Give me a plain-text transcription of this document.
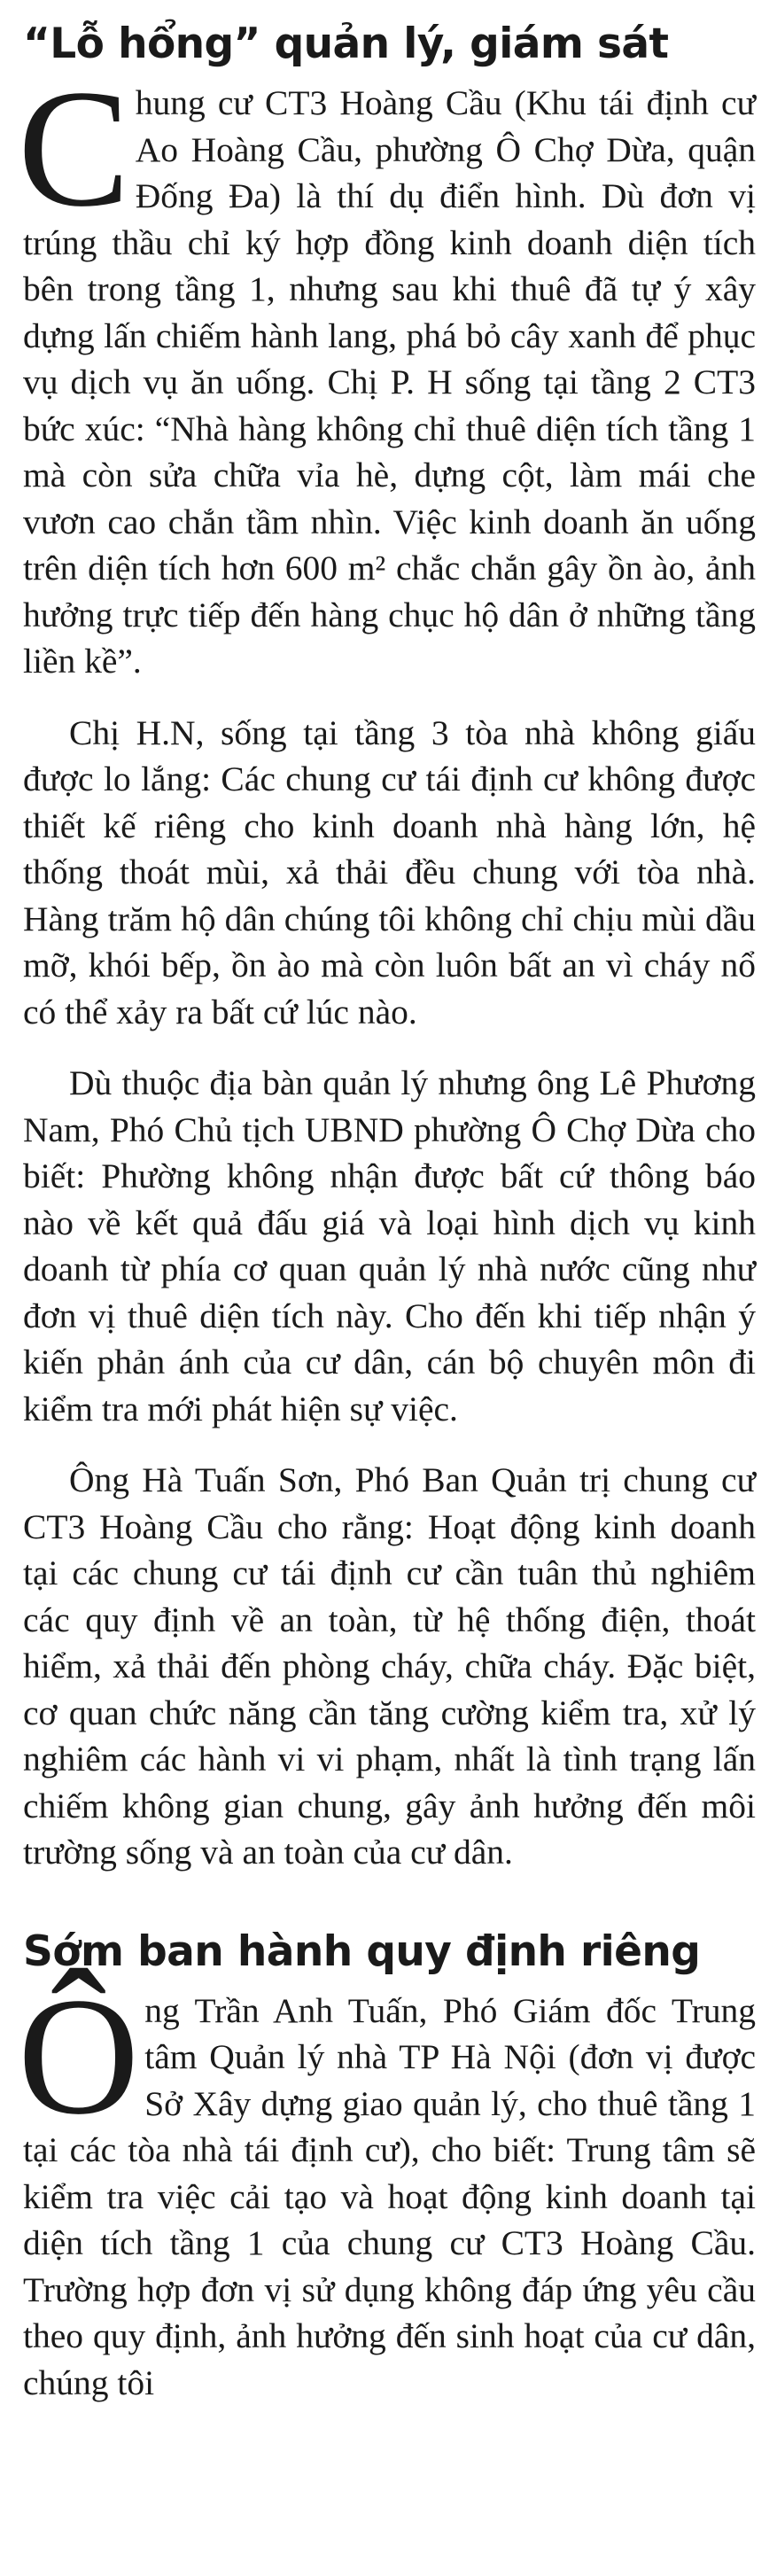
“Lỗ hổng” quản lý, giám sát

Chung cư CT3 Hoàng Cầu (Khu tái định cư Ao Hoàng Cầu, phường Ô Chợ Dừa, quận Đống Đa) là thí dụ điển hình. Dù đơn vị trúng thầu chỉ ký hợp đồng kinh doanh diện tích bên trong tầng 1, nhưng sau khi thuê đã tự ý xây dựng lấn chiếm hành lang, phá bỏ cây xanh để phục vụ dịch vụ ăn uống. Chị P. H sống tại tầng 2 CT3 bức xúc: “Nhà hàng không chỉ thuê diện tích tầng 1 mà còn sửa chữa vỉa hè, dựng cột, làm mái che vươn cao chắn tầm nhìn. Việc kinh doanh ăn uống trên diện tích hơn 600 m² chắc chắn gây ồn ào, ảnh hưởng trực tiếp đến hàng chục hộ dân ở những tầng liền kề”.

Chị H.N, sống tại tầng 3 tòa nhà không giấu được lo lắng: Các chung cư tái định cư không được thiết kế riêng cho kinh doanh nhà hàng lớn, hệ thống thoát mùi, xả thải đều chung với tòa nhà. Hàng trăm hộ dân chúng tôi không chỉ chịu mùi dầu mỡ, khói bếp, ồn ào mà còn luôn bất an vì cháy nổ có thể xảy ra bất cứ lúc nào.

Dù thuộc địa bàn quản lý nhưng ông Lê Phương Nam, Phó Chủ tịch UBND phường Ô Chợ Dừa cho biết: Phường không nhận được bất cứ thông báo nào về kết quả đấu giá và loại hình dịch vụ kinh doanh từ phía cơ quan quản lý nhà nước cũng như đơn vị thuê diện tích này. Cho đến khi tiếp nhận ý kiến phản ánh của cư dân, cán bộ chuyên môn đi kiểm tra mới phát hiện sự việc.

Ông Hà Tuấn Sơn, Phó Ban Quản trị chung cư CT3 Hoàng Cầu cho rằng: Hoạt động kinh doanh tại các chung cư tái định cư cần tuân thủ nghiêm các quy định về an toàn, từ hệ thống điện, thoát hiểm, xả thải đến phòng cháy, chữa cháy. Đặc biệt, cơ quan chức năng cần tăng cường kiểm tra, xử lý nghiêm các hành vi vi phạm, nhất là tình trạng lấn chiếm không gian chung, gây ảnh hưởng đến môi trường sống và an toàn của cư dân.

Sớm ban hành quy định riêng

Ông Trần Anh Tuấn, Phó Giám đốc Trung tâm Quản lý nhà TP Hà Nội (đơn vị được Sở Xây dựng giao quản lý, cho thuê tầng 1 tại các tòa nhà tái định cư), cho biết: Trung tâm sẽ kiểm tra việc cải tạo và hoạt động kinh doanh tại diện tích tầng 1 của chung cư CT3 Hoàng Cầu. Trường hợp đơn vị sử dụng không đáp ứng yêu cầu theo quy định, ảnh hưởng đến sinh hoạt của cư dân, chúng tôi
